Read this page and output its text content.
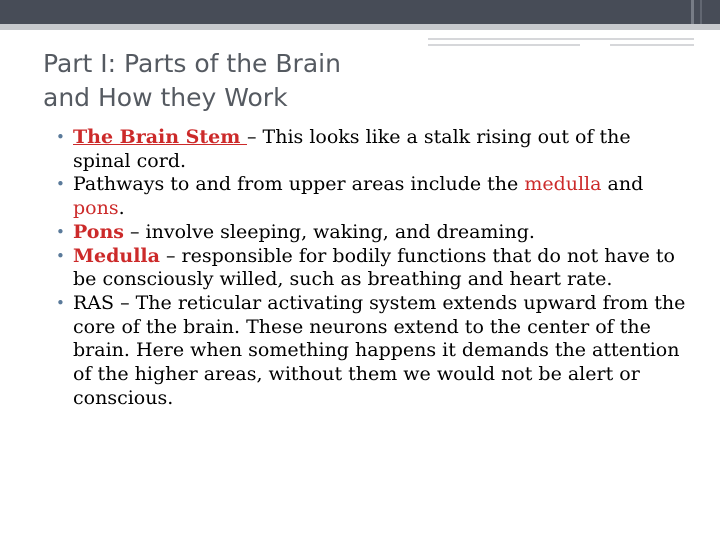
Part I: Parts of the Brain
and How they Work
• The Brain Stem – This looks like a stalk rising out of the spinal cord.
• Pathways to and from upper areas include the medulla and pons.
• Pons – involve sleeping, waking, and dreaming.
• Medulla – responsible for bodily functions that do not have to be consciously willed, such as breathing and heart rate.
• RAS – The reticular activating system extends upward from the core of the brain. These neurons extend to the center of the brain. Here when something happens it demands the attention of the higher areas, without them we would not be alert or conscious.
